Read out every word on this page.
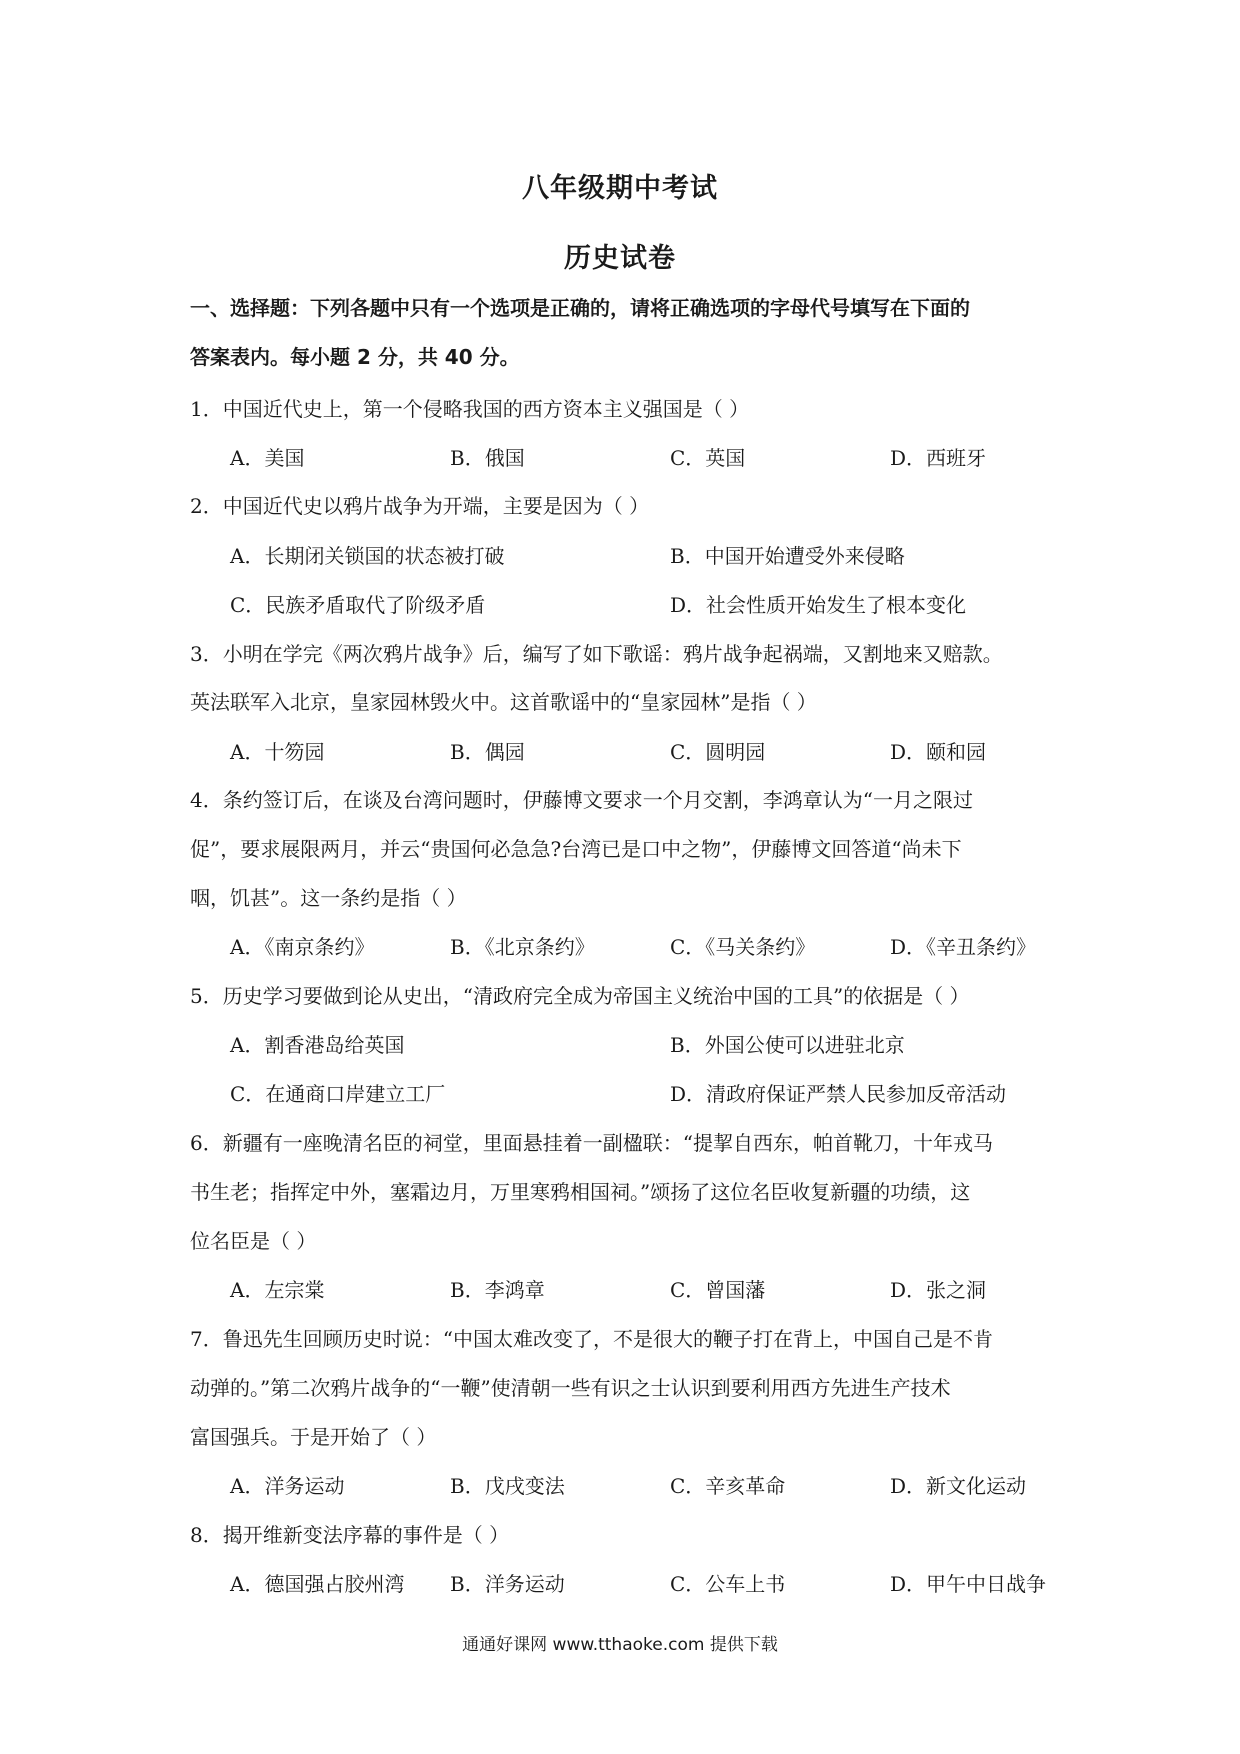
八年级期中考试
历史试卷
一、选择题：下列各题中只有一个选项是正确的，请将正确选项的字母代号填写在下面的
答案表内。每小题 2 分，共 40 分。
1．中国近代史上，第一个侵略我国的西方资本主义强国是（ ）
A．美国	B．俄国	C．英国	D．西班牙
2．中国近代史以鸦片战争为开端，主要是因为（ ）
A．长期闭关锁国的状态被打破	B．中国开始遭受外来侵略
C．民族矛盾取代了阶级矛盾	D．社会性质开始发生了根本变化
3．小明在学完《两次鸦片战争》后，编写了如下歌谣：鸦片战争起祸端，又割地来又赔款。
英法联军入北京，皇家园林毁火中。这首歌谣中的“皇家园林”是指（ ）
A．十笏园	B．偶园	C．圆明园	D．颐和园
4．条约签订后，在谈及台湾问题时，伊藤博文要求一个月交割，李鸿章认为“一月之限过
促”，要求展限两月，并云“贵国何必急急?台湾已是口中之物”，伊藤博文回答道“尚未下
咽，饥甚”。这一条约是指（ ）
A．《南京条约》	B．《北京条约》	C．《马关条约》	D．《辛丑条约》
5．历史学习要做到论从史出，“清政府完全成为帝国主义统治中国的工具”的依据是（ ）
A．割香港岛给英国	B．外国公使可以进驻北京
C．在通商口岸建立工厂	D．清政府保证严禁人民参加反帝活动
6．新疆有一座晚清名臣的祠堂，里面悬挂着一副楹联：“提挈自西东，帕首靴刀，十年戎马
书生老；指挥定中外，塞霜边月，万里寒鸦相国祠。”颂扬了这位名臣收复新疆的功绩，这
位名臣是（ ）
A．左宗棠	B．李鸿章	C．曾国藩	D．张之洞
7．鲁迅先生回顾历史时说：“中国太难改变了，不是很大的鞭子打在背上，中国自己是不肯
动弹的。”第二次鸦片战争的“一鞭”使清朝一些有识之士认识到要利用西方先进生产技术
富国强兵。于是开始了（ ）
A．洋务运动	B．戊戌变法	C．辛亥革命	D．新文化运动
8．揭开维新变法序幕的事件是（ ）
A．德国强占胶州湾 B．洋务运动	C．公车上书	D．甲午中日战争
通通好课网 www.tthaoke.com 提供下载
